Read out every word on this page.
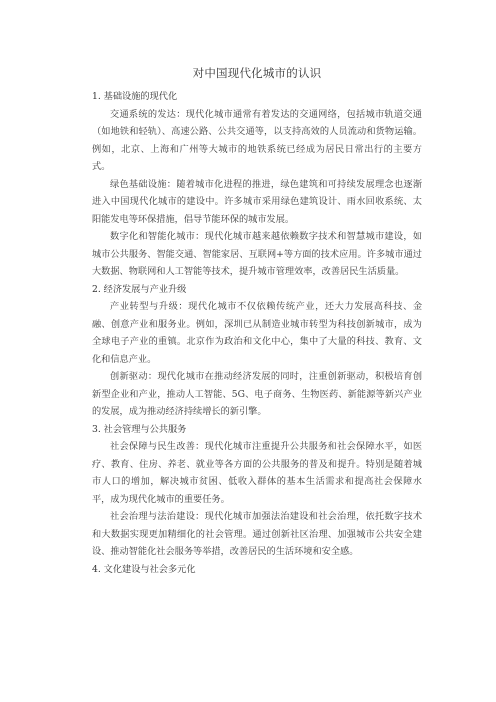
对中国现代化城市的认识

1. 基础设施的现代化

交通系统的发达：现代化城市通常有着发达的交通网络，包括城市轨道交通（如地铁和轻轨）、高速公路、公共交通等，以支持高效的人员流动和货物运输。例如，北京、上海和广州等大城市的地铁系统已经成为居民日常出行的主要方式。

绿色基础设施：随着城市化进程的推进，绿色建筑和可持续发展理念也逐渐进入中国现代化城市的建设中。许多城市采用绿色建筑设计、雨水回收系统、太阳能发电等环保措施，倡导节能环保的城市发展。

数字化和智能化城市：现代化城市越来越依赖数字技术和智慧城市建设，如城市公共服务、智能交通、智能家居、互联网+等方面的技术应用。许多城市通过大数据、物联网和人工智能等技术，提升城市管理效率，改善居民生活质量。

2. 经济发展与产业升级

产业转型与升级：现代化城市不仅依赖传统产业，还大力发展高科技、金融、创意产业和服务业。例如，深圳已从制造业城市转型为科技创新城市，成为全球电子产业的重镇。北京作为政治和文化中心，集中了大量的科技、教育、文化和信息产业。

创新驱动：现代化城市在推动经济发展的同时，注重创新驱动，积极培育创新型企业和产业，推动人工智能、5G、电子商务、生物医药、新能源等新兴产业的发展，成为推动经济持续增长的新引擎。

3. 社会管理与公共服务

社会保障与民生改善：现代化城市注重提升公共服务和社会保障水平，如医疗、教育、住房、养老、就业等各方面的公共服务的普及和提升。特别是随着城市人口的增加，解决城市贫困、低收入群体的基本生活需求和提高社会保障水平，成为现代化城市的重要任务。

社会治理与法治建设：现代化城市加强法治建设和社会治理，依托数字技术和大数据实现更加精细化的社会管理。通过创新社区治理、加强城市公共安全建设、推动智能化社会服务等举措，改善居民的生活环境和安全感。

4. 文化建设与社会多元化
